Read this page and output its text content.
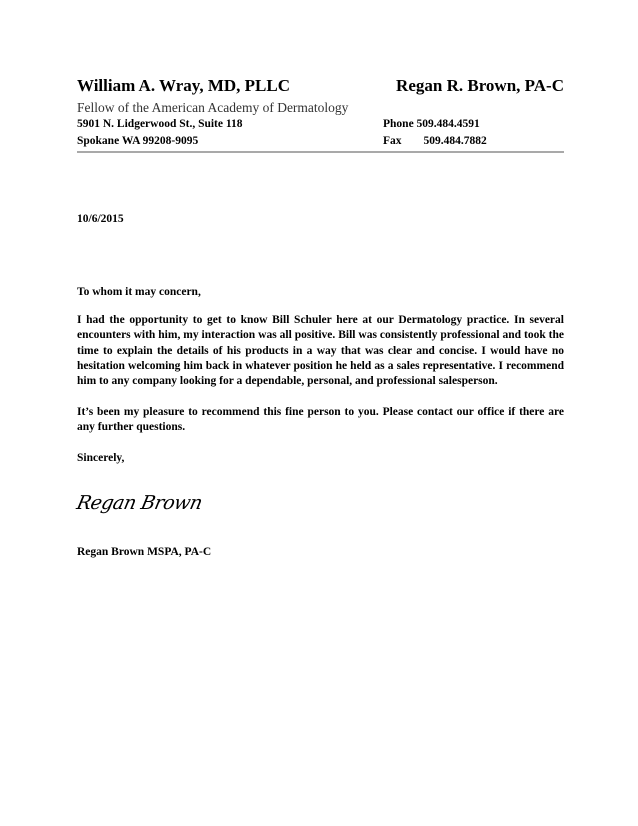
William A. Wray, MD, PLLC	Regan R. Brown, PA-C
Fellow of the American Academy of Dermatology
5901 N. Lidgerwood St., Suite 118	Phone 509.484.4591
Spokane WA 99208-9095	Fax 509.484.7882
10/6/2015
To whom it may concern,
I had the opportunity to get to know Bill Schuler here at our Dermatology practice. In several encounters with him, my interaction was all positive. Bill was consistently professional and took the time to explain the details of his products in a way that was clear and concise. I would have no hesitation welcoming him back in whatever position he held as a sales representative. I recommend him to any company looking for a dependable, personal, and professional salesperson.
It’s been my pleasure to recommend this fine person to you. Please contact our office if there are any further questions.
Sincerely,
Regan Brown
Regan Brown MSPA, PA-C
